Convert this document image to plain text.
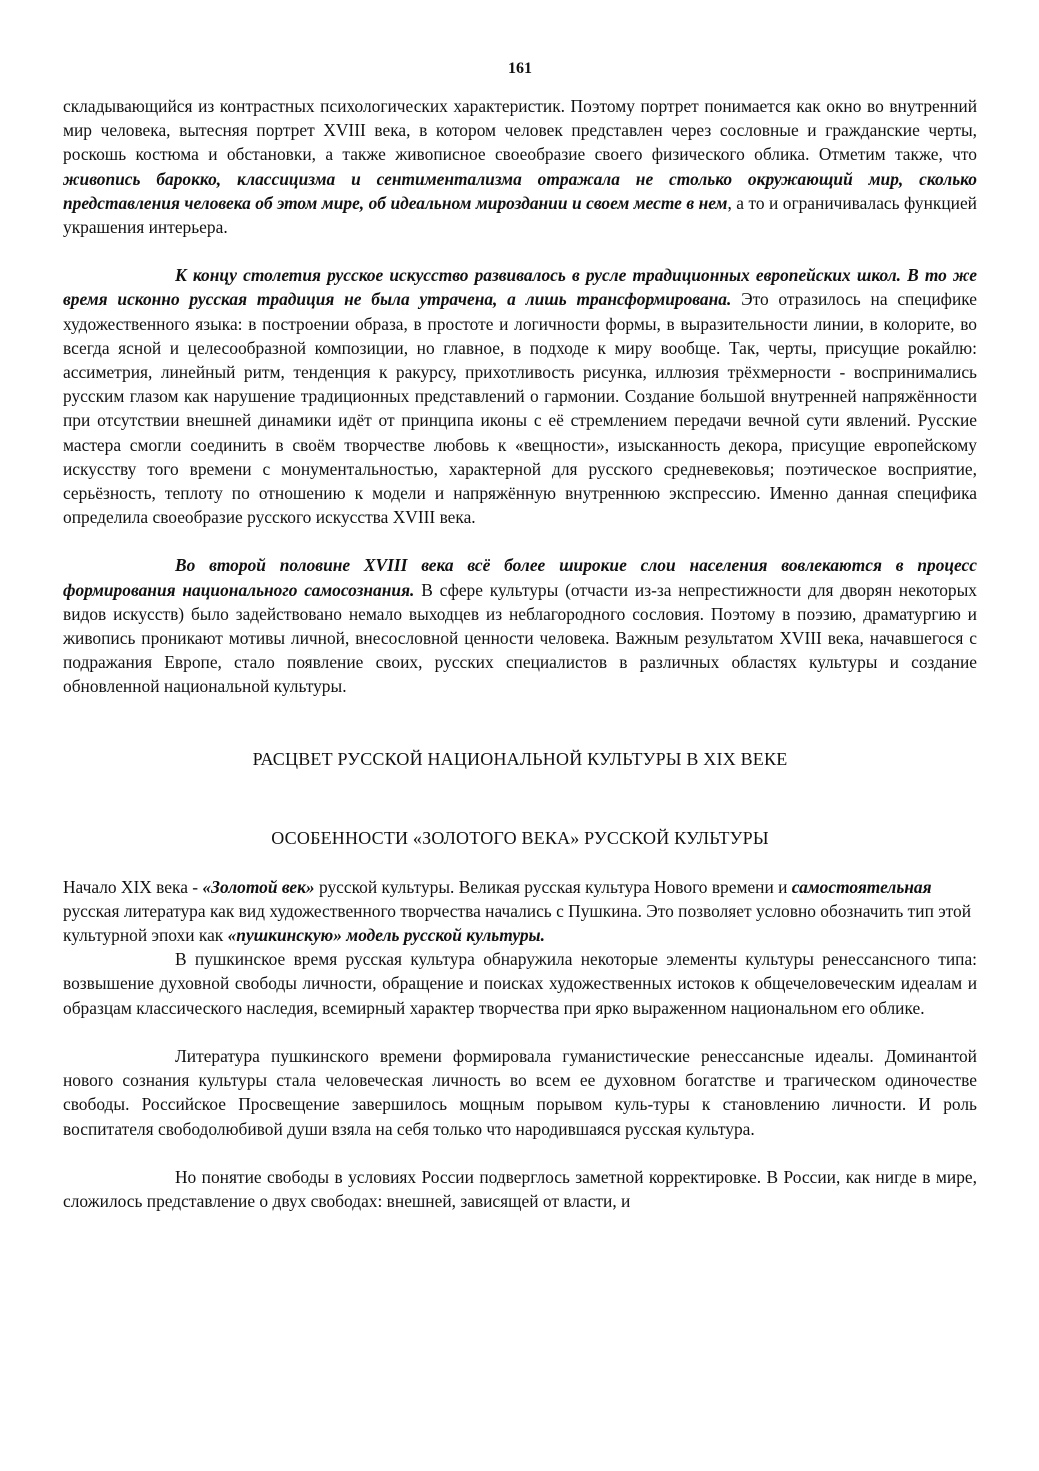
161

складывающийся из контрастных психологических характеристик. Поэтому портрет понимается как окно во внутренний мир человека, вытесняя портрет XVIII века, в котором человек представлен через сословные и гражданские черты, роскошь костюма и обстановки, а также живописное своеобразие своего физического облика. Отметим также, что живопись барокко, классицизма и сентиментализма отражала не столько окружающий мир, сколько представления человека об этом мире, об идеальном мироздании и своем месте в нем, а то и ограничивалась функцией украшения интерьера.

К концу столетия русское искусство развивалось в русле традиционных европейских школ. В то же время исконно русская традиция не была утрачена, а лишь трансформирована. Это отразилось на специфике художественного языка: в построении образа, в простоте и логичности формы, в выразительности линии, в колорите, во всегда ясной и целесообразной композиции, но главное, в подходе к миру вообще. Так, черты, присущие рокайлю: ассиметрия, линейный ритм, тенденция к ракурсу, прихотливость рисунка, иллюзия трёхмерности - воспринимались русским глазом как нарушение традиционных представлений о гармонии. Создание большой внутренней напряжённости при отсутствии внешней динамики идёт от принципа иконы с её стремлением передачи вечной сути явлений. Русские мастера смогли соединить в своём творчестве любовь к «вещности», изысканность декора, присущие европейскому искусству того времени с монументальностью, характерной для русского средневековья; поэтическое восприятие, серьёзность, теплоту по отношению к модели и напряжённую внутреннюю экспрессию. Именно данная специфика определила своеобразие русского искусства XVIII века.

Во второй половине XVIII века всё более широкие слои населения вовлекаются в процесс формирования национального самосознания. В сфере культуры (отчасти из-за непрестижности для дворян некоторых видов искусств) было задействовано немало выходцев из неблагородного сословия. Поэтому в поэзию, драматургию и живопись проникают мотивы личной, внесословной ценности человека. Важным результатом XVIII века, начавшегося с подражания Европе, стало появление своих, русских специалистов в различных областях культуры и создание обновленной национальной культуры.

РАСЦВЕТ РУССКОЙ НАЦИОНАЛЬНОЙ КУЛЬТУРЫ В XIX ВЕКЕ
ОСОБЕННОСТИ «ЗОЛОТОГО ВЕКА» РУССКОЙ КУЛЬТУРЫ

Начало XIX века - «Золотой век» русской культуры. Великая русская культура Нового времени и самостоятельная русская литература как вид художественного творчества начались с Пушкина. Это позволяет условно обозначить тип этой культурной эпохи как «пушкинскую» модель русской культуры.

В пушкинское время русская культура обнаружила некоторые элементы культуры ренессансного типа: возвышение духовной свободы личности, обращение и поисках художественных истоков к общечеловеческим идеалам и образцам классического наследия, всемирный характер творчества при ярко выраженном национальном его облике.

Литература пушкинского времени формировала гуманистические ренессансные идеалы. Доминантой нового сознания культуры стала человеческая личность во всем ее духовном богатстве и трагическом одиночестве свободы. Российское Просвещение завершилось мощным порывом куль-туры к становлению личности. И роль воспитателя свободолюбивой души взяла на себя только что народившаяся русская культура.

Но понятие свободы в условиях России подверглось заметной корректировке. В России, как нигде в мире, сложилось представление о двух свободах: внешней, зависящей от власти, и
